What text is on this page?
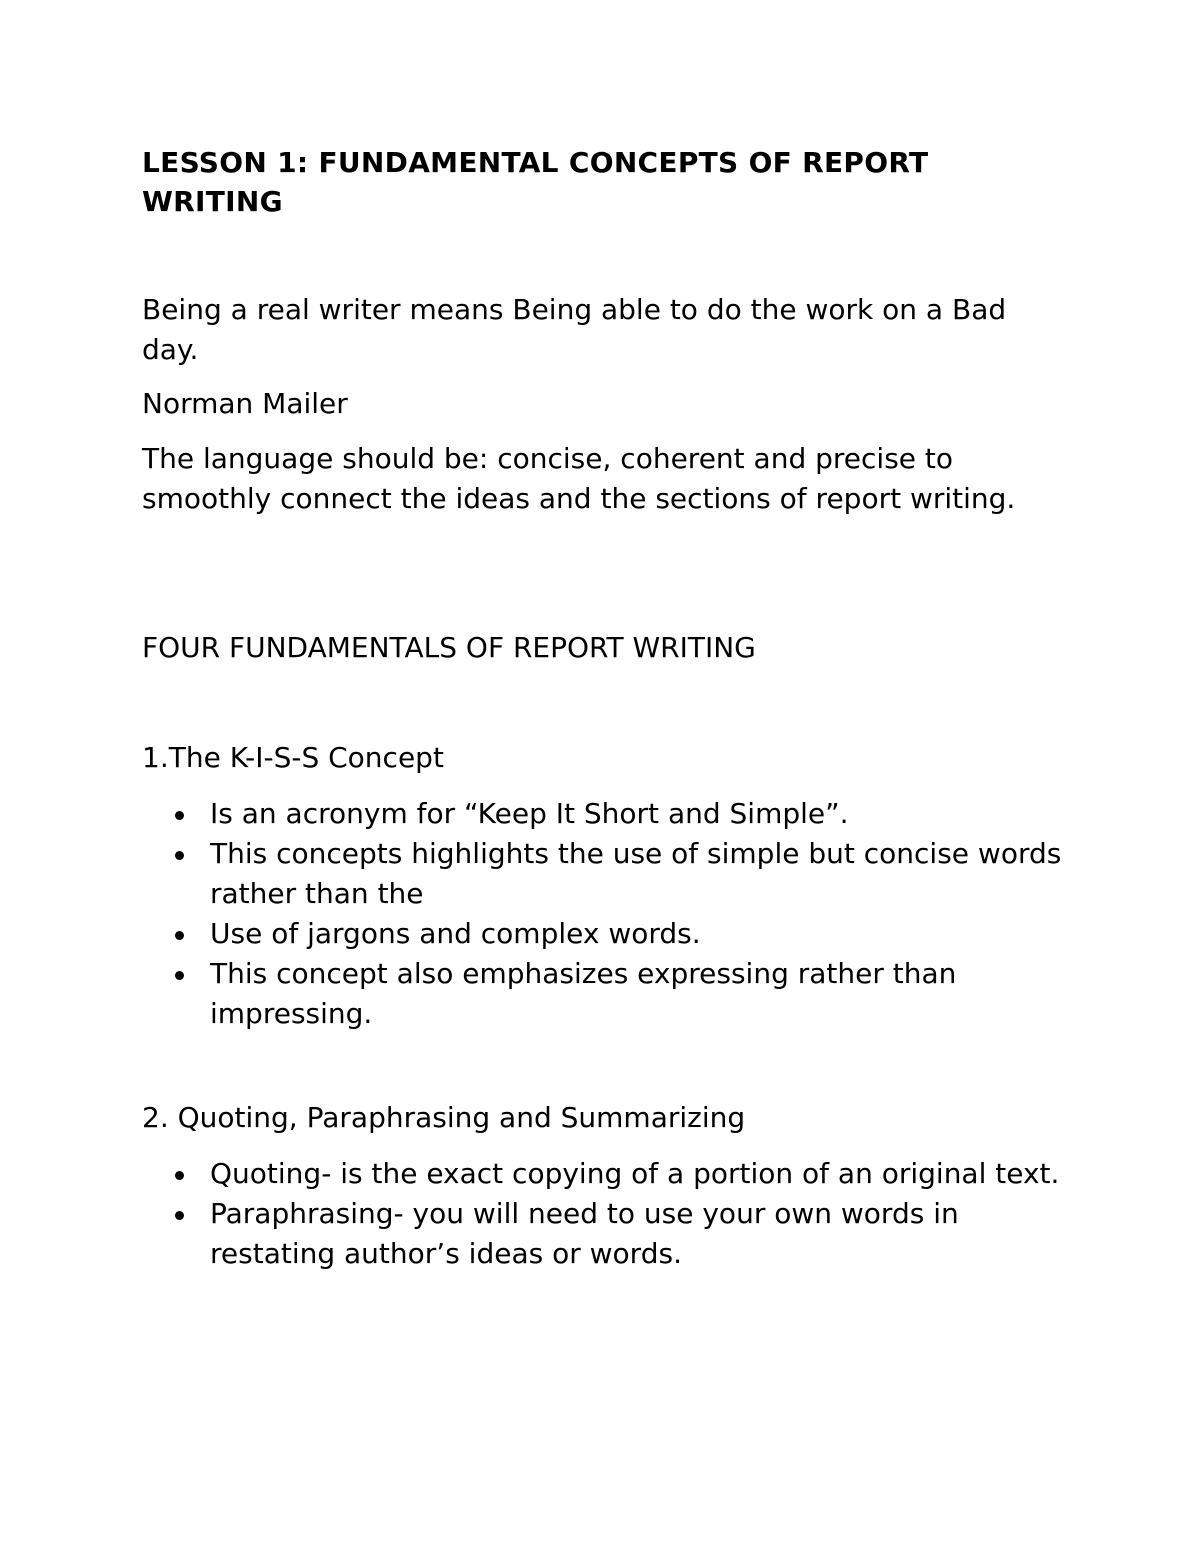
LESSON 1: FUNDAMENTAL CONCEPTS OF REPORT WRITING

Being a real writer means Being able to do the work on a Bad day.

Norman Mailer

The language should be: concise, coherent and precise to smoothly connect the ideas and the sections of report writing.

FOUR FUNDAMENTALS OF REPORT WRITING

1.The K-I-S-S Concept

Is an acronym for “Keep It Short and Simple”.
This concepts highlights the use of simple but concise words rather than the
Use of jargons and complex words.
This concept also emphasizes expressing rather than impressing.

2. Quoting, Paraphrasing and Summarizing

Quoting- is the exact copying of a portion of an original text.
Paraphrasing- you will need to use your own words in restating author’s ideas or words.
